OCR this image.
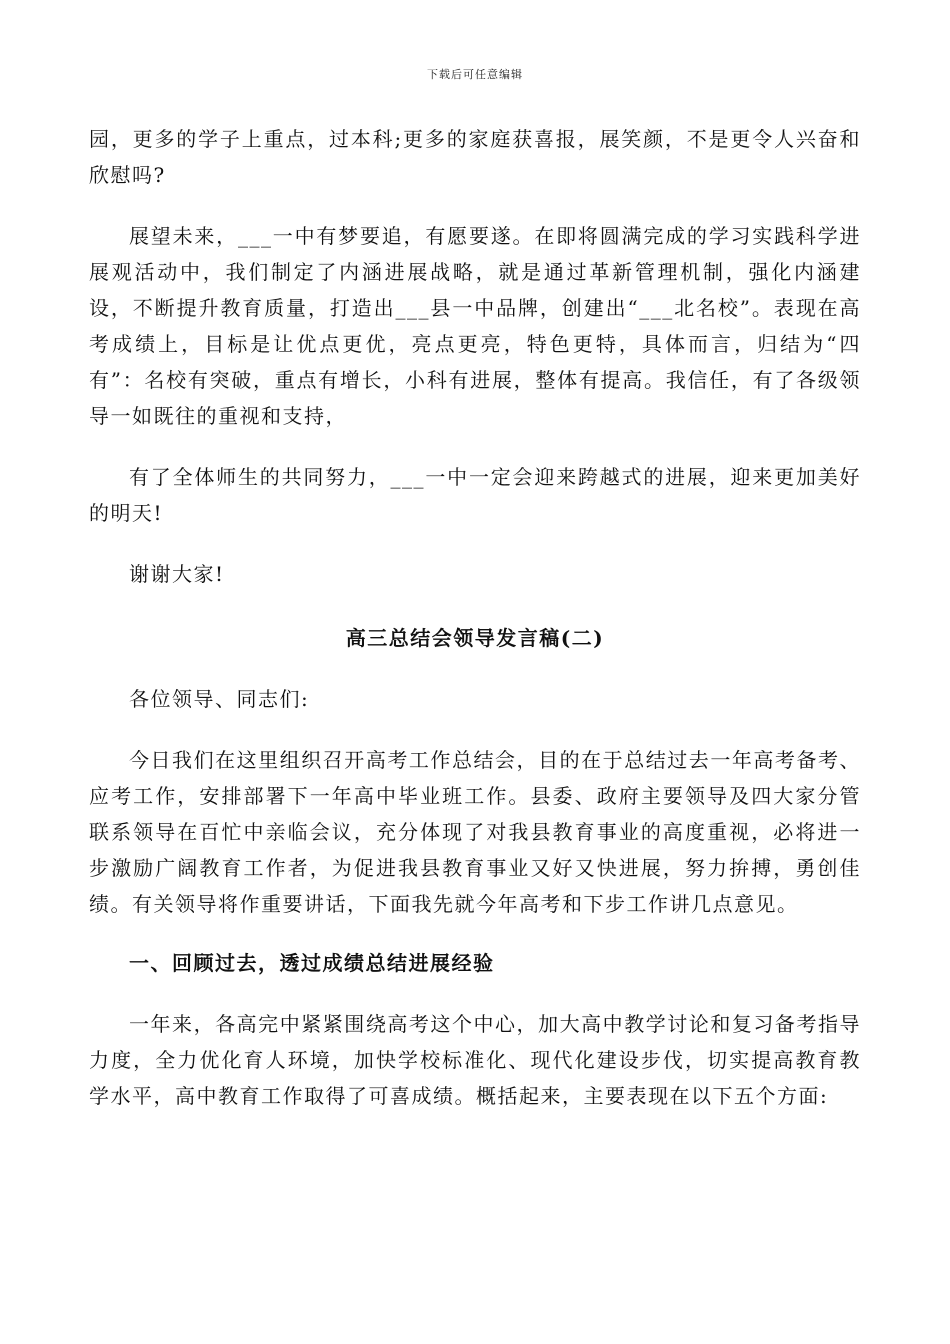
下载后可任意编辑

园，更多的学子上重点，过本科;更多的家庭获喜报，展笑颜，不是更令人兴奋和欣慰吗?

展望未来，___一中有梦要追，有愿要遂。在即将圆满完成的学习实践科学进展观活动中，我们制定了内涵进展战略，就是通过革新管理机制，强化内涵建设，不断提升教育质量，打造出___县一中品牌，创建出“___北名校”。表现在高考成绩上，目标是让优点更优，亮点更亮，特色更特，具体而言，归结为“四有”：名校有突破，重点有增长，小科有进展，整体有提高。我信任，有了各级领导一如既往的重视和支持，

有了全体师生的共同努力，___一中一定会迎来跨越式的进展，迎来更加美好的明天!

谢谢大家!

高三总结会领导发言稿(二)

各位领导、同志们:

今日我们在这里组织召开高考工作总结会，目的在于总结过去一年高考备考、应考工作，安排部署下一年高中毕业班工作。县委、政府主要领导及四大家分管联系领导在百忙中亲临会议，充分体现了对我县教育事业的高度重视，必将进一步激励广阔教育工作者，为促进我县教育事业又好又快进展，努力拚搏，勇创佳绩。有关领导将作重要讲话，下面我先就今年高考和下步工作讲几点意见。

一、回顾过去，透过成绩总结进展经验

一年来，各高完中紧紧围绕高考这个中心，加大高中教学讨论和复习备考指导力度，全力优化育人环境，加快学校标准化、现代化建设步伐，切实提高教育教学水平，高中教育工作取得了可喜成绩。概括起来，主要表现在以下五个方面:
